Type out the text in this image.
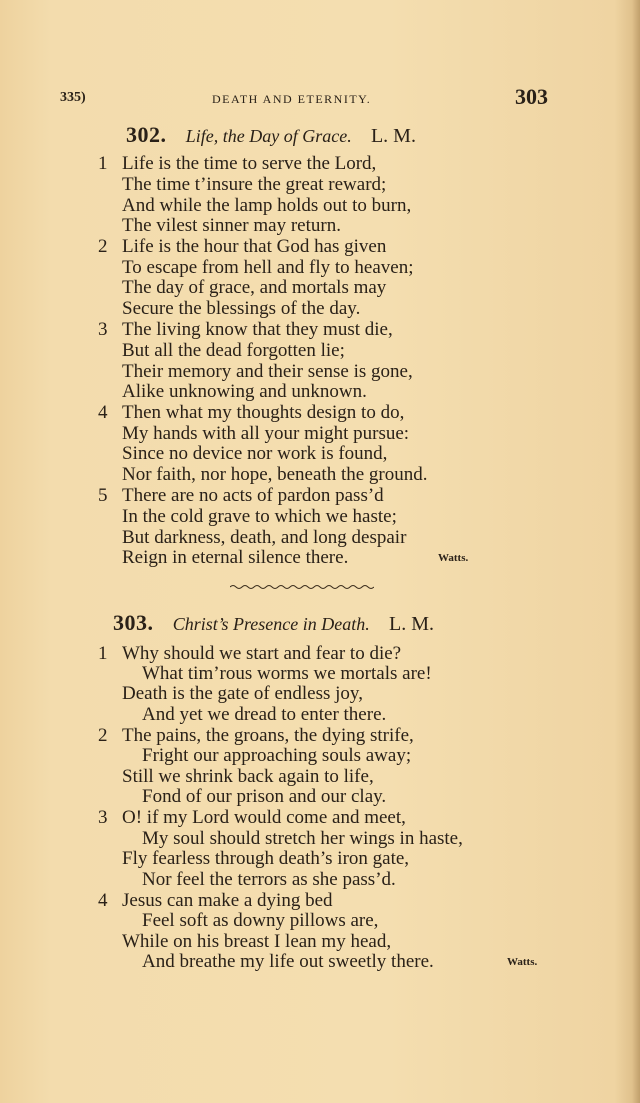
335)	DEATH AND ETERNITY.	303
302. Life, the Day of Grace. L. M.
1 Life is the time to serve the Lord,
The time t’insure the great reward;
And while the lamp holds out to burn,
The vilest sinner may return.
2 Life is the hour that God has given
To escape from hell and fly to heaven;
The day of grace, and mortals may
Secure the blessings of the day.
3 The living know that they must die,
But all the dead forgotten lie;
Their memory and their sense is gone,
Alike unknowing and unknown.
4 Then what my thoughts design to do,
My hands with all your might pursue:
Since no device nor work is found,
Nor faith, nor hope, beneath the ground.
5 There are no acts of pardon pass’d
In the cold grave to which we haste;
But darkness, death, and long despair
Reign in eternal silence there.	Watts.
303. Christ’s Presence in Death. L. M.
1 Why should we start and fear to die?
What tim’rous worms we mortals are!
Death is the gate of endless joy,
And yet we dread to enter there.
2 The pains, the groans, the dying strife,
Fright our approaching souls away;
Still we shrink back again to life,
Fond of our prison and our clay.
3 O! if my Lord would come and meet,
My soul should stretch her wings in haste,
Fly fearless through death’s iron gate,
Nor feel the terrors as she pass’d.
4 Jesus can make a dying bed
Feel soft as downy pillows are,
While on his breast I lean my head,
And breathe my life out sweetly there.	Watts.
